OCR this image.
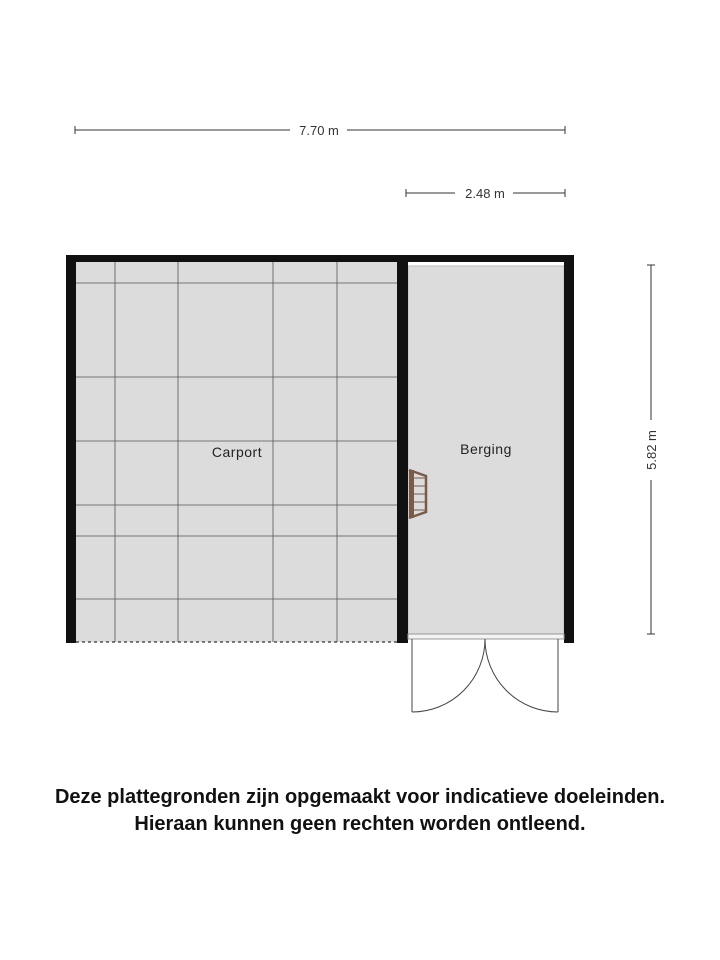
7.70 m
2.48 m
5.82 m
Carport	Berging
Deze plattegronden zijn opgemaakt voor indicatieve doeleinden.
Hieraan kunnen geen rechten worden ontleend.
